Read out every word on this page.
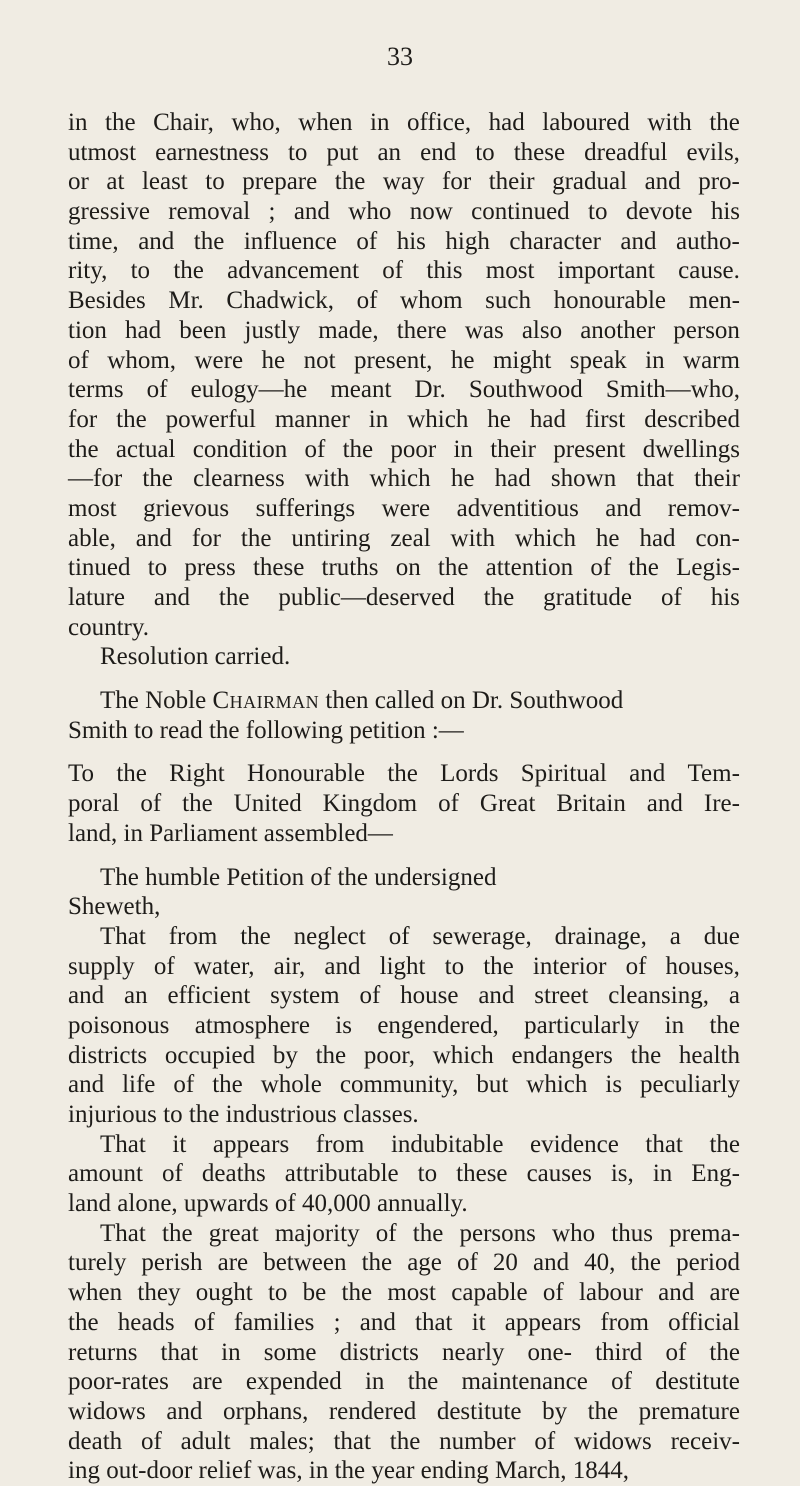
33
in the Chair, who, when in office, had laboured with the
utmost earnestness to put an end to these dreadful evils,
or at least to prepare the way for their gradual and pro-
gressive removal ; and who now continued to devote his
time, and the influence of his high character and autho-
rity, to the advancement of this most important cause.
Besides Mr. Chadwick, of whom such honourable men-
tion had been justly made, there was also another person
of whom, were he not present, he might speak in warm
terms of eulogy—he meant Dr. Southwood Smith—who,
for the powerful manner in which he had first described
the actual condition of the poor in their present dwellings
—for the clearness with which he had shown that their
most grievous sufferings were adventitious and remov-
able, and for the untiring zeal with which he had con-
tinued to press these truths on the attention of the Legis-
lature and the public—deserved the gratitude of his
country.
Resolution carried.
The Noble
Chairman
then called on Dr. Southwood
Smith to read the following petition :—
To the Right Honourable the Lords Spiritual and Tem-
poral of the United Kingdom of Great Britain and Ire-
land, in Parliament assembled—
The humble Petition of the undersigned
Sheweth,
That from the neglect of sewerage, drainage, a due
supply of water, air, and light to the interior of houses,
and an efficient system of house and street cleansing, a
poisonous atmosphere is engendered, particularly in the
districts occupied by the poor, which endangers the health
and life of the whole community, but which is peculiarly
injurious to the industrious classes.
That it appears from indubitable evidence that the
amount of deaths attributable to these causes is, in Eng-
land alone, upwards of 40,000 annually.
That the great majority of the persons who thus prema-
turely perish are between the age of 20 and 40, the period
when they ought to be the most capable of labour and are
the heads of families ; and that it appears from official
returns that in some districts nearly one- third of the
poor-rates are expended in the maintenance of destitute
widows and orphans, rendered destitute by the premature
death of adult males; that the number of widows receiv-
ing out-door relief was, in the year ending March, 1844,
